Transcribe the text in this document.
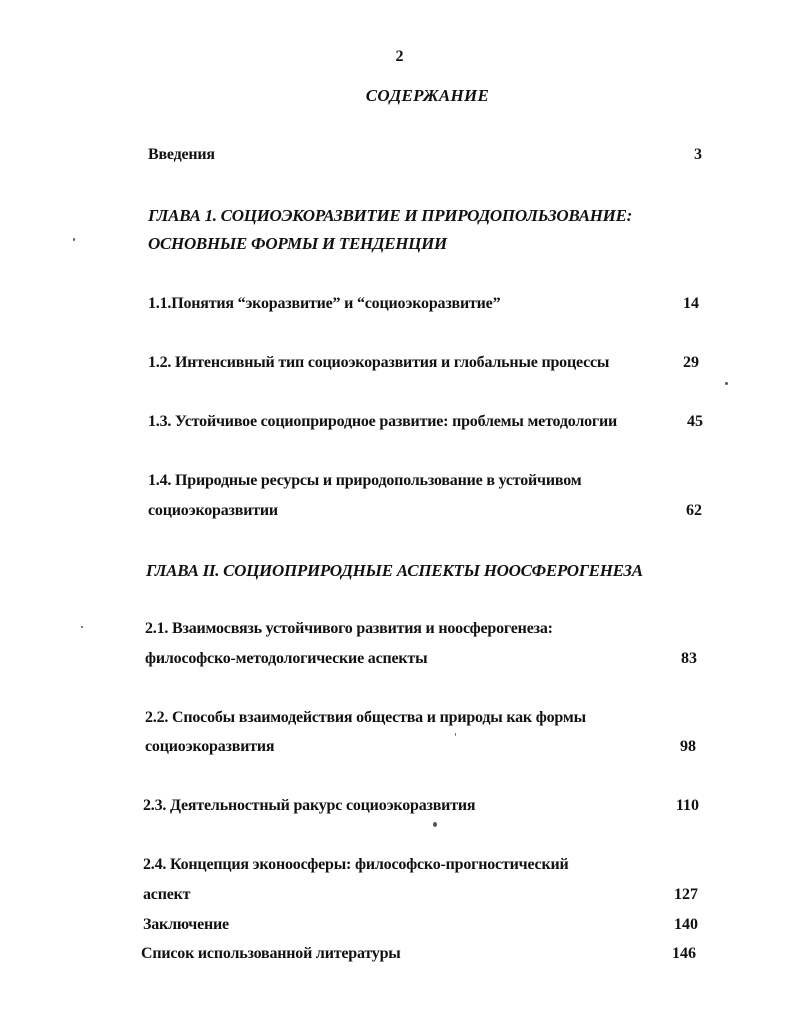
2
СОДЕРЖАНИЕ
Введения	3
ГЛАВА 1. СОЦИОЭКОРАЗВИТИЕ И ПРИРОДОПОЛЬЗОВАНИЕ:
ОСНОВНЫЕ ФОРМЫ И ТЕНДЕНЦИИ
1.1.Понятия “экоразвитие” и “социоэкоразвитие”	14
1.2. Интенсивный тип социоэкоразвития и глобальные процессы	29
1.3. Устойчивое социоприродное развитие: проблемы методологии	45
1.4. Природные ресурсы и природопользование в устойчивом
социоэкоразвитии	62
ГЛАВА II. СОЦИОПРИРОДНЫЕ АСПЕКТЫ НООСФЕРОГЕНЕЗА
2.1. Взаимосвязь устойчивого развития и ноосферогенеза:
философско-методологические аспекты	83
2.2. Способы взаимодействия общества и природы как формы
социоэкоразвития	98
2.3. Деятельностный ракурс социоэкоразвития	110
2.4. Концепция эконоосферы: философско-прогностический
аспект	127
Заключение	140
Список использованной литературы	146
